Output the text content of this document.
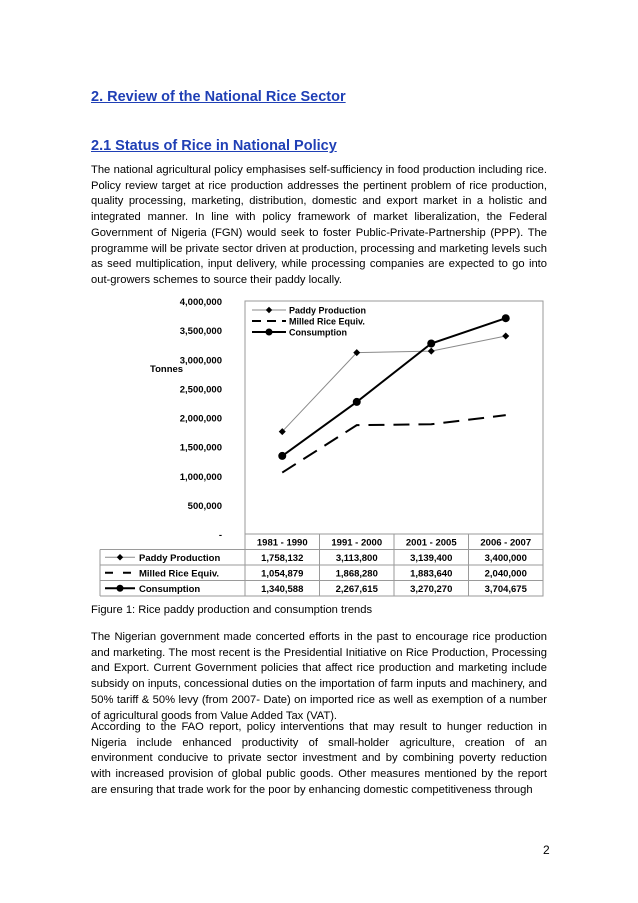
2. Review of the National Rice Sector
2.1 Status of Rice in National Policy

The national agricultural policy emphasises self-sufficiency in food production including rice. Policy review target at rice production addresses the pertinent problem of rice production, quality processing, marketing, distribution, domestic and export market in a holistic and integrated manner. In line with policy framework of market liberalization, the Federal Government of Nigeria (FGN) would seek to foster Public-Private-Partnership (PPP). The programme will be private sector driven at production, processing and marketing levels such as seed multiplication, input delivery, while processing companies are expected to go into out-growers schemes to source their paddy locally.

4,000,000
3,500,000
3,000,000
2,500,000
2,000,000
1,500,000
1,000,000
500,000
-
Tonnes
1981 - 1990	1991 - 2000	2001 - 2005	2006 - 2007
Paddy Production	1,758,132	3,113,800	3,139,400	3,400,000
Milled Rice Equiv.	1,054,879	1,868,280	1,883,640	2,040,000
Consumption	1,340,588	2,267,615	3,270,270	3,704,675
Paddy Production
Milled Rice Equiv.
Consumption
Figure 1: Rice paddy production and consumption trends

The Nigerian government made concerted efforts in the past to encourage rice production and marketing. The most recent is the Presidential Initiative on Rice Production, Processing and Export. Current Government policies that affect rice production and marketing include subsidy on inputs, concessional duties on the importation of farm inputs and machinery, and 50% tariff & 50% levy (from 2007- Date) on imported rice as well as exemption of a number of agricultural goods from Value Added Tax (VAT).

According to the FAO report, policy interventions that may result to hunger reduction in Nigeria include enhanced productivity of small-holder agriculture, creation of an environment conducive to private sector investment and by combining poverty reduction with increased provision of global public goods. Other measures mentioned by the report are ensuring that trade work for the poor by enhancing domestic competitiveness through

2
